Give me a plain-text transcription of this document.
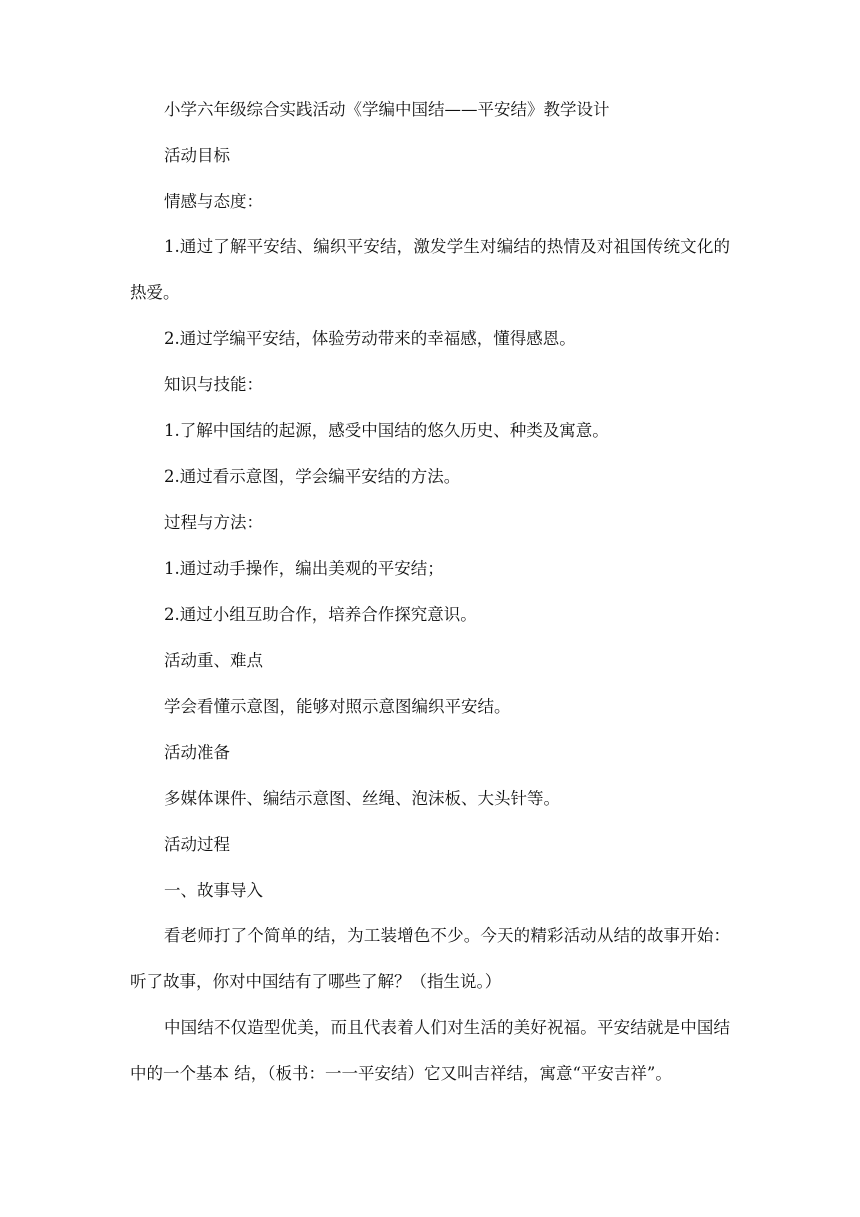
小学六年级综合实践活动《学编中国结——平安结》教学设计

活动目标

情感与态度：

1.通过了解平安结、编织平安结，激发学生对编结的热情及对祖国传统文化的热爱。

2.通过学编平安结，体验劳动带来的幸福感，懂得感恩。

知识与技能：

1.了解中国结的起源，感受中国结的悠久历史、种类及寓意。

2.通过看示意图，学会编平安结的方法。

过程与方法：

1.通过动手操作，编出美观的平安结；

2.通过小组互助合作，培养合作探究意识。

活动重、难点

学会看懂示意图，能够对照示意图编织平安结。

活动准备

多媒体课件、编结示意图、丝绳、泡沫板、大头针等。

活动过程

一、故事导入

看老师打了个简单的结，为工装增色不少。今天的精彩活动从结的故事开始：听了故事，你对中国结有了哪些了解？（指生说。）

中国结不仅造型优美，而且代表着人们对生活的美好祝福。平安结就是中国结中的一个基本 结，（板书：一一平安结）它又叫吉祥结，寓意“平安吉祥”。
